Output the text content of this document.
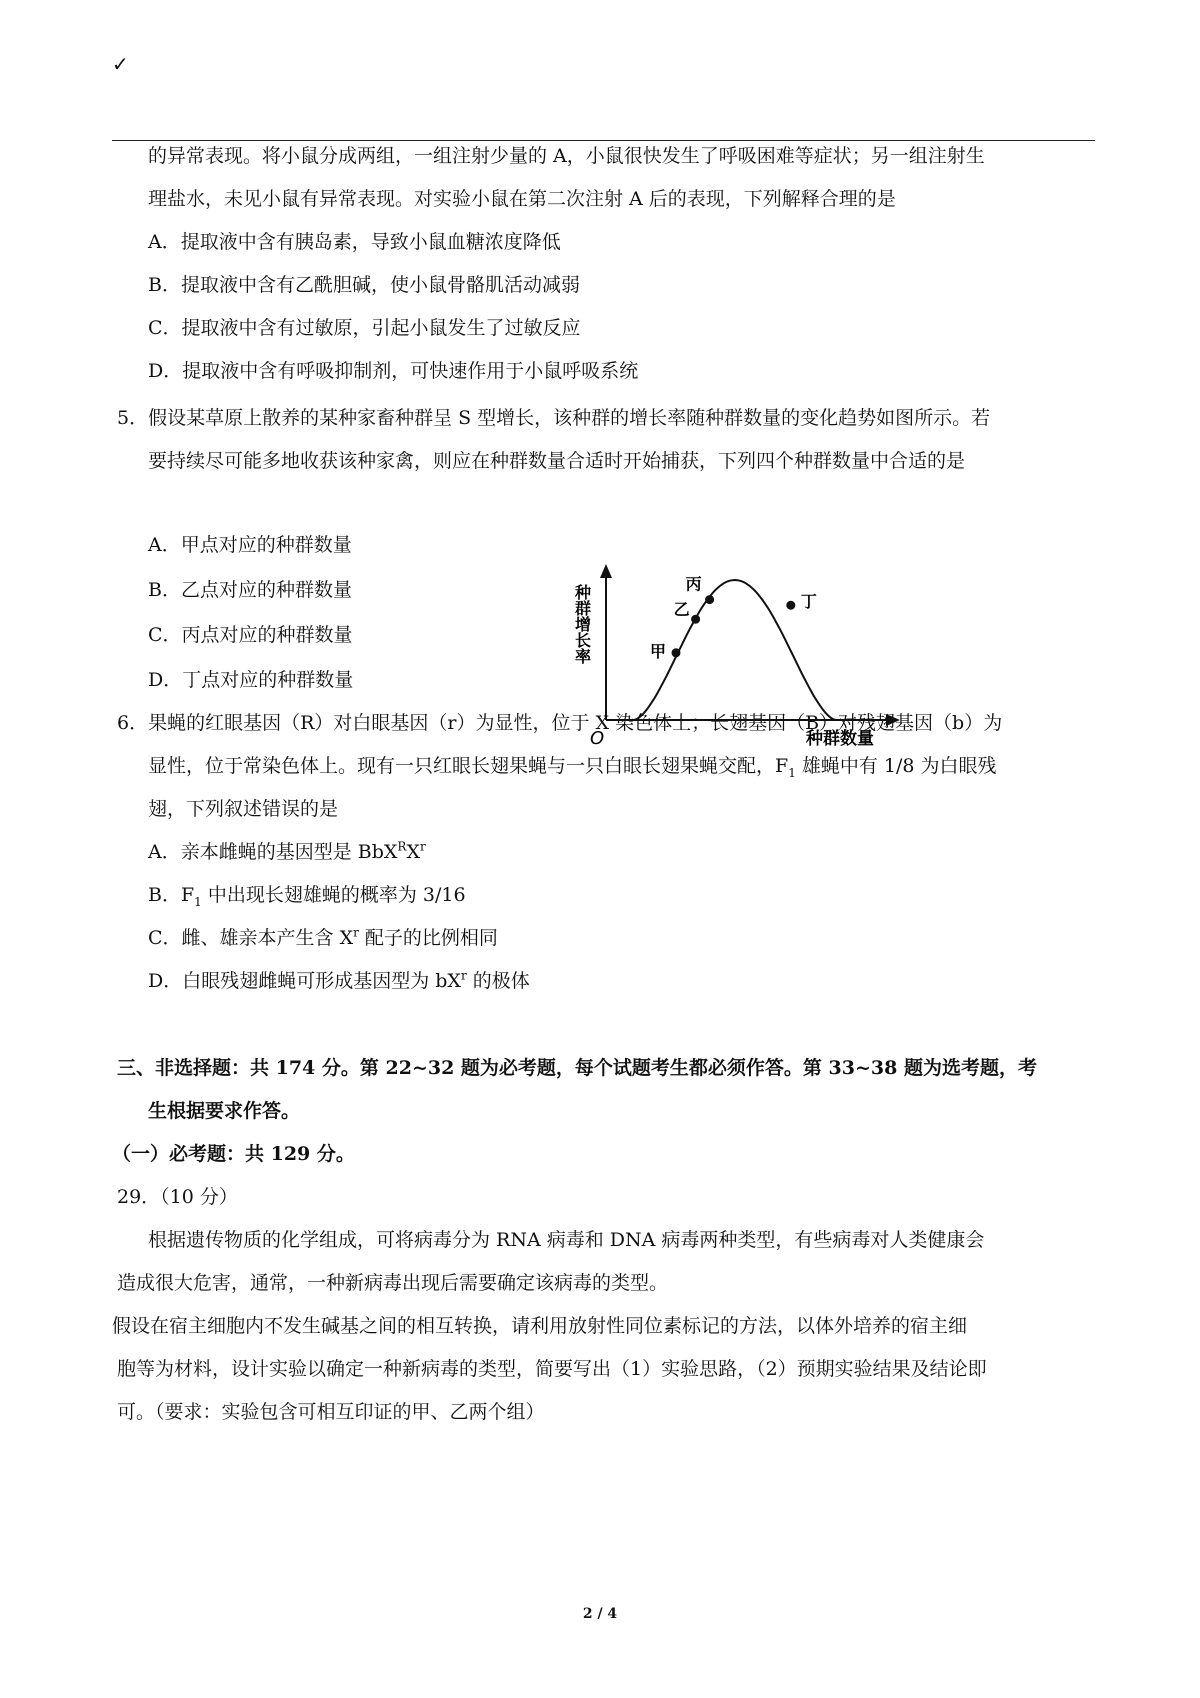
✓
的异常表现。将小鼠分成两组，一组注射少量的 A，小鼠很快发生了呼吸困难等症状；另一组注射生
理盐水，未见小鼠有异常表现。对实验小鼠在第二次注射 A 后的表现，下列解释合理的是
A．提取液中含有胰岛素，导致小鼠血糖浓度降低
B．提取液中含有乙酰胆碱，使小鼠骨骼肌活动减弱
C．提取液中含有过敏原，引起小鼠发生了过敏反应
D．提取液中含有呼吸抑制剂，可快速作用于小鼠呼吸系统
5．假设某草原上散养的某种家畜种群呈 S 型增长，该种群的增长率随种群数量的变化趋势如图所示。若
要持续尽可能多地收获该种家禽，则应在种群数量合适时开始捕获，下列四个种群数量中合适的是
A．甲点对应的种群数量
B．乙点对应的种群数量
C．丙点对应的种群数量
D．丁点对应的种群数量
甲
乙
丙
丁
O	种群数量
种群增长率
6．果蝇的红眼基因（R）对白眼基因（r）为显性，位于 X 染色体上；长翅基因（B）对残翅基因（b）为
显性，位于常染色体上。现有一只红眼长翅果蝇与一只白眼长翅果蝇交配，$F_1$ 雄蝇中有 1/8 为白眼残
翅，下列叙述错误的是
A．亲本雌蝇的基因型是 $BbX^RX^r$
B．$F_1$ 中出现长翅雄蝇的概率为 3/16
C．雌、雄亲本产生含 $X^r$ 配子的比例相同
D．白眼残翅雌蝇可形成基因型为 $bX^r$ 的极体
三、非选择题：共 174 分。第 22~32 题为必考题，每个试题考生都必须作答。第 33~38 题为选考题，考
生根据要求作答。
（一）必考题：共 129 分。
29．（10 分）
根据遗传物质的化学组成，可将病毒分为 RNA 病毒和 DNA 病毒两种类型，有些病毒对人类健康会
造成很大危害，通常，一种新病毒出现后需要确定该病毒的类型。
假设在宿主细胞内不发生碱基之间的相互转换，请利用放射性同位素标记的方法，以体外培养的宿主细
胞等为材料，设计实验以确定一种新病毒的类型，简要写出（1）实验思路，（2）预期实验结果及结论即
可。（要求：实验包含可相互印证的甲、乙两个组）
2 / 4
